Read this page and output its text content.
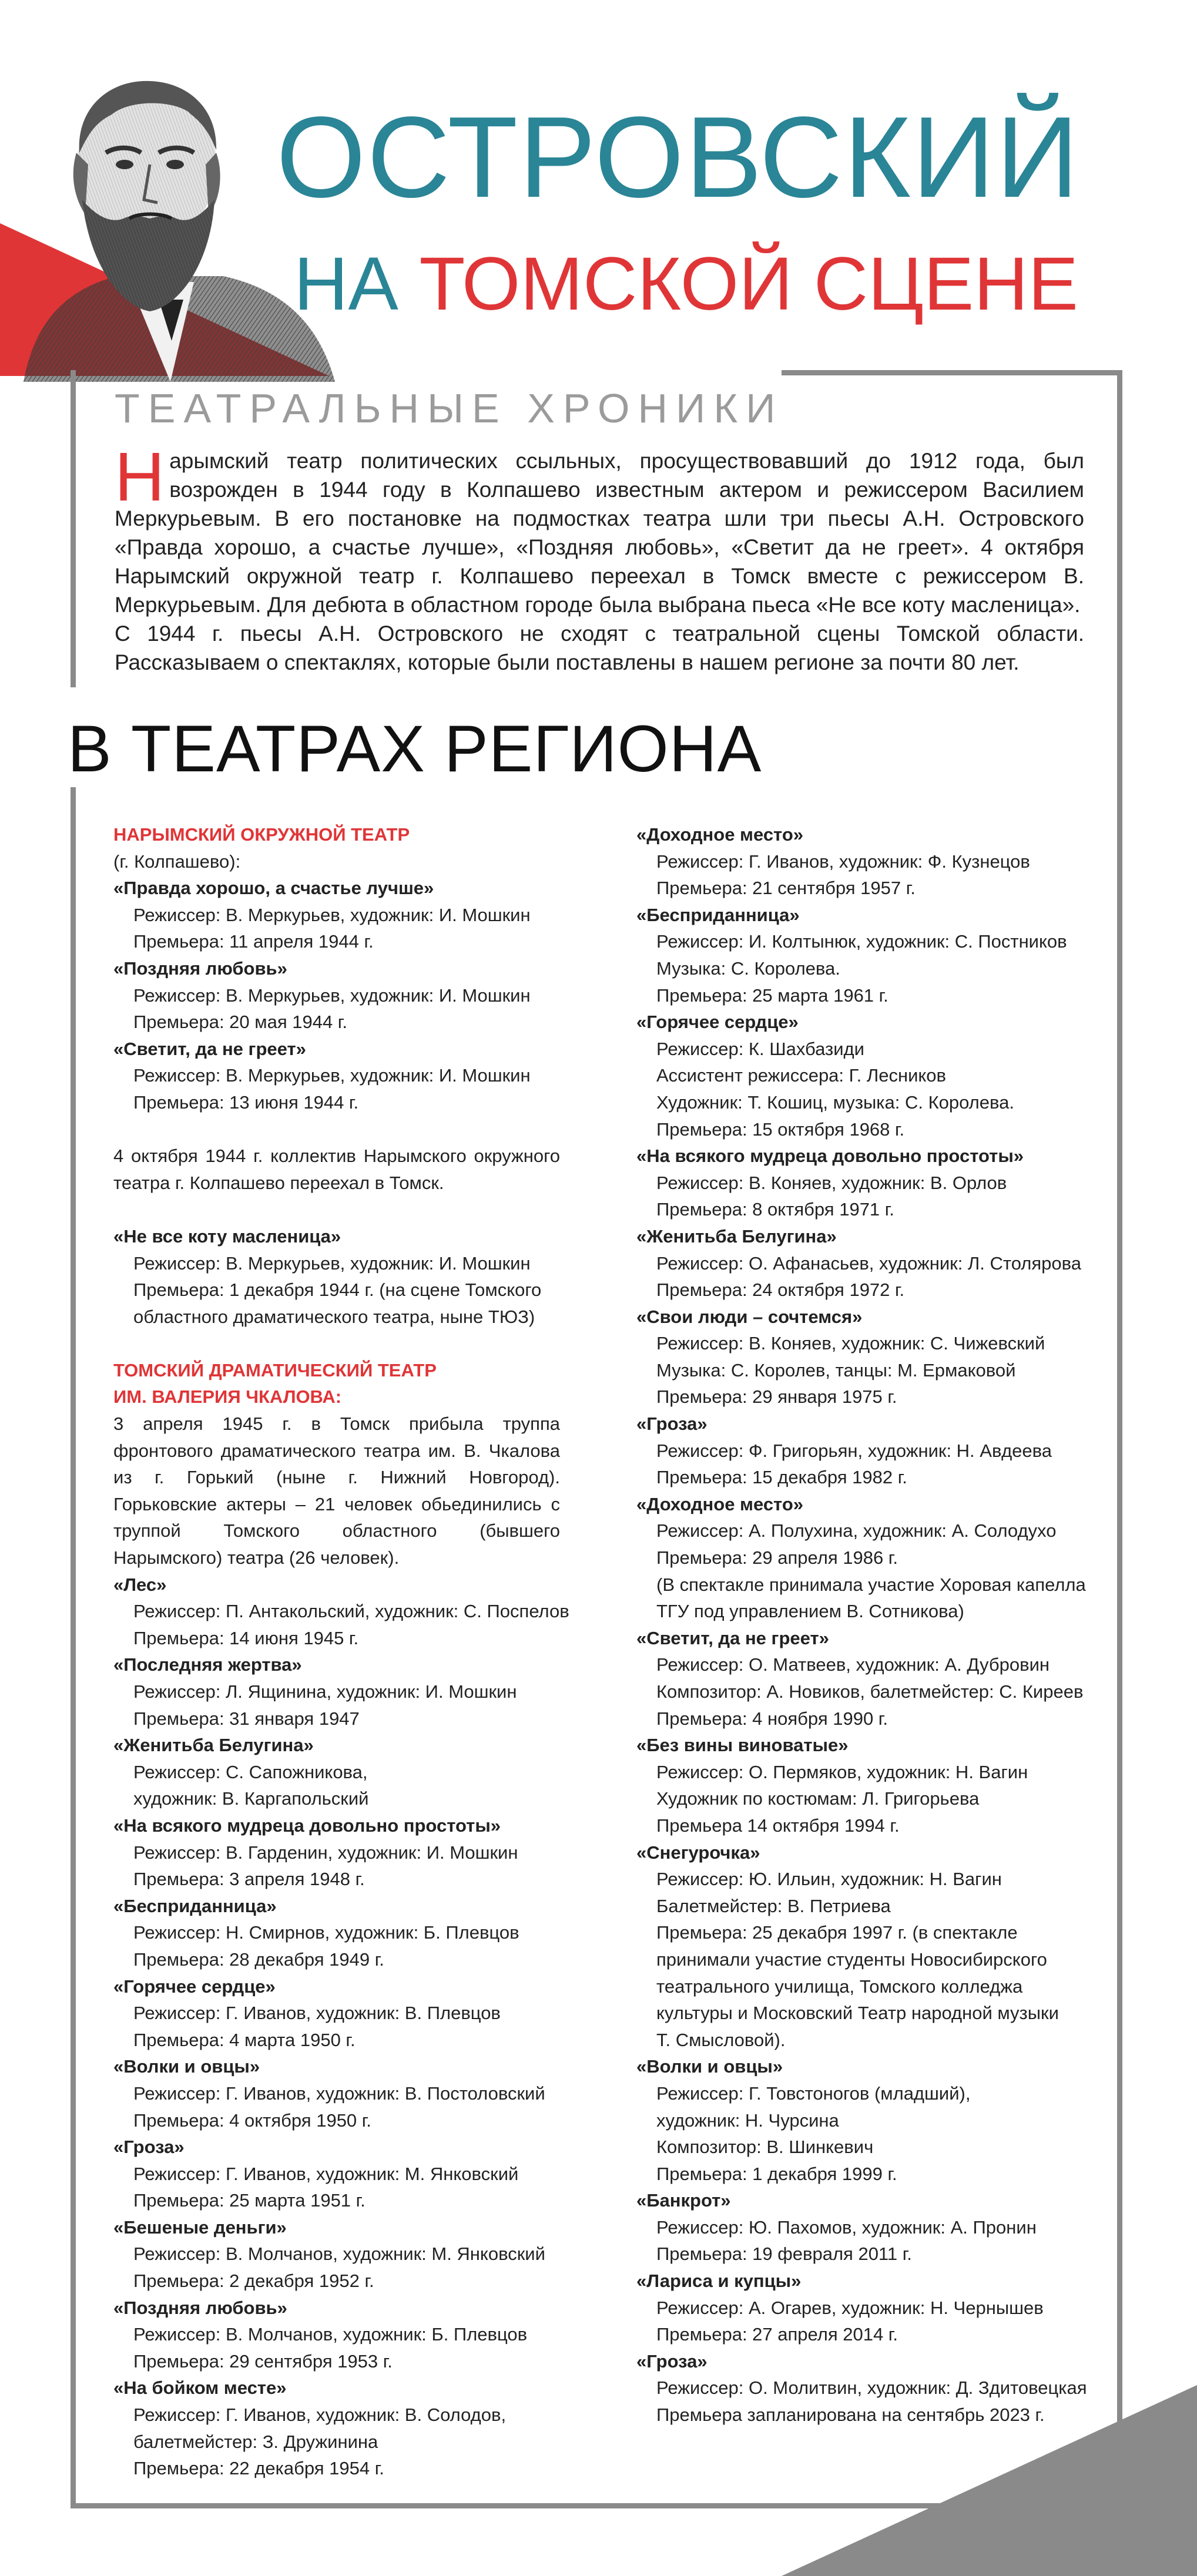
ОСТРОВСКИЙ
НА ТОМСКОЙ СЦЕНЕ
ТЕАТРАЛЬНЫЕ ХРОНИКИ

Нарымский театр политических ссыльных, просуществовавший до 1912 года, был возрожден в 1944 году в Колпашево известным актером и режиссером Василием Меркурьевым. В его постановке на подмостках театра шли три пьесы А.Н. Островского «Правда хорошо, а счастье лучше», «Поздняя любовь», «Светит да не греет». 4 октября Нарымский окружной театр г. Колпашево переехал в Томск вместе с режиссером В. Меркурьевым. Для дебюта в областном городе была выбрана пьеса «Не все коту масленица».

С 1944 г. пьесы А.Н. Островского не сходят с театральной сцены Томской области. Рассказываем о спектаклях, которые были поставлены в нашем регионе за почти 80 лет.

В ТЕАТРАХ РЕГИОНА
НАРЫМСКИЙ ОКРУЖНОЙ ТЕАТР
(г. Колпашево):
«Правда хорошо, а счастье лучше»
Режиссер: В. Меркурьев, художник: И. Мошкин
Премьера: 11 апреля 1944 г.
«Поздняя любовь»
Режиссер: В. Меркурьев, художник: И. Мошкин
Премьера: 20 мая 1944 г.
«Светит, да не греет»
Режиссер: В. Меркурьев, художник: И. Мошкин
Премьера: 13 июня 1944 г.
4 октября 1944 г. коллектив Нарымского окружного театра г. Колпашево переехал в Томск.
«Не все коту масленица»
Режиссер: В. Меркурьев, художник: И. Мошкин
Премьера: 1 декабря 1944 г. (на сцене Томского
областного драматического театра, ныне ТЮЗ)
ТОМСКИЙ ДРАМАТИЧЕСКИЙ ТЕАТР
ИМ. ВАЛЕРИЯ ЧКАЛОВА:
3 апреля 1945 г. в Томск прибыла труппа фронтового драматического театра им. В. Чкалова из г. Горький (ныне г. Нижний Новгород). Горьковские актеры – 21 человек обьединились с труппой Томского областного (бывшего Нарымского) театра (26 человек).
«Лес»
Режиссер: П. Антакольский, художник: С. Поспелов
Премьера: 14 июня 1945 г.
«Последняя жертва»
Режиссер: Л. Ящинина, художник: И. Мошкин
Премьера: 31 января 1947
«Женитьба Белугина»
Режиссер: С. Сапожникова,
художник: В. Каргапольский
«На всякого мудреца довольно простоты»
Режиссер: В. Гарденин, художник: И. Мошкин
Премьера: 3 апреля 1948 г.
«Бесприданница»
Режиссер: Н. Смирнов, художник: Б. Плевцов
Премьера: 28 декабря 1949 г.
«Горячее сердце»
Режиссер: Г. Иванов, художник: В. Плевцов
Премьера: 4 марта 1950 г.
«Волки и овцы»
Режиссер: Г. Иванов, художник: В. Постоловский
Премьера: 4 октября 1950 г.
«Гроза»
Режиссер: Г. Иванов, художник: М. Янковский
Премьера: 25 марта 1951 г.
«Бешеные деньги»
Режиссер: В. Молчанов, художник: М. Янковский
Премьера: 2 декабря 1952 г.
«Поздняя любовь»
Режиссер: В. Молчанов, художник: Б. Плевцов
Премьера: 29 сентября 1953 г.
«На бойком месте»
Режиссер: Г. Иванов, художник: В. Солодов,
балетмейстер: З. Дружинина
Премьера: 22 декабря 1954 г.
«Доходное место»
Режиссер: Г. Иванов, художник: Ф. Кузнецов
Премьера: 21 сентября 1957 г.
«Бесприданница»
Режиссер: И. Колтынюк, художник: С. Постников
Музыка: С. Королева.
Премьера: 25 марта 1961 г.
«Горячее сердце»
Режиссер: К. Шахбазиди
Ассистент режиссера: Г. Лесников
Художник: Т. Кошиц, музыка: С. Королева.
Премьера: 15 октября 1968 г.
«На всякого мудреца довольно простоты»
Режиссер: В. Коняев, художник: В. Орлов
Премьера: 8 октября 1971 г.
«Женитьба Белугина»
Режиссер: О. Афанасьев, художник: Л. Столярова
Премьера: 24 октября 1972 г.
«Свои люди – сочтемся»
Режиссер: В. Коняев, художник: С. Чижевский
Музыка: С. Королев, танцы: М. Ермаковой
Премьера: 29 января 1975 г.
«Гроза»
Режиссер: Ф. Григорьян, художник: Н. Авдеева
Премьера: 15 декабря 1982 г.
«Доходное место»
Режиссер: А. Полухина, художник: А. Солодухо
Премьера: 29 апреля 1986 г.
(В спектакле принимала участие Хоровая капелла
ТГУ под управлением В. Сотникова)
«Светит, да не греет»
Режиссер: О. Матвеев, художник: А. Дубровин
Композитор: А. Новиков, балетмейстер: С. Киреев
Премьера: 4 ноября 1990 г.
«Без вины виноватые»
Режиссер: О. Пермяков, художник: Н. Вагин
Художник по костюмам: Л. Григорьева
Премьера 14 октября 1994 г.
«Снегурочка»
Режиссер: Ю. Ильин, художник: Н. Вагин
Балетмейстер: В. Петриева
Премьера: 25 декабря 1997 г. (в спектакле
принимали участие студенты Новосибирского
театрального училища, Томского колледжа
культуры и Московский Театр народной музыки
Т. Смысловой).
«Волки и овцы»
Режиссер: Г. Товстоногов (младший),
художник: Н. Чурсина
Композитор: В. Шинкевич
Премьера: 1 декабря 1999 г.
«Банкрот»
Режиссер: Ю. Пахомов, художник: А. Пронин
Премьера: 19 февраля 2011 г.
«Лариса и купцы»
Режиссер: А. Огарев, художник: Н. Чернышев
Премьера: 27 апреля 2014 г.
«Гроза»
Режиссер: О. Молитвин, художник: Д. Здитовецкая
Премьера запланирована на сентябрь 2023 г.
